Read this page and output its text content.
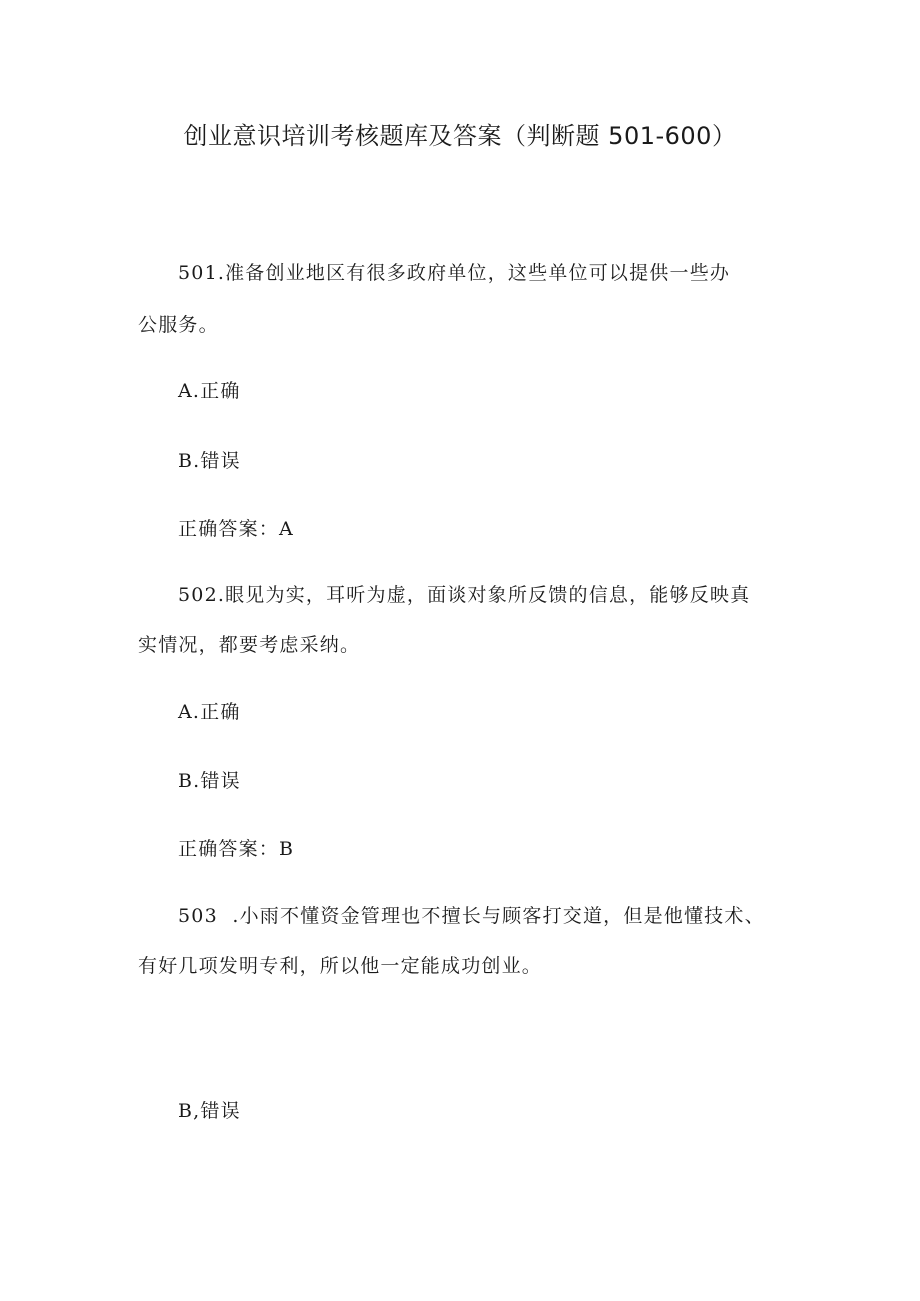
创业意识培训考核题库及答案（判断题 501-600）
501.准备创业地区有很多政府单位，这些单位可以提供一些办
公服务。
A.正确
B.错误
正确答案：A
502.眼见为实，耳听为虚，面谈对象所反馈的信息，能够反映真
实情况，都要考虑采纳。
A.正确
B.错误
正确答案：B
503  .小雨不懂资金管理也不擅长与顾客打交道，但是他懂技术、
有好几项发明专利，所以他一定能成功创业。
B,错误
